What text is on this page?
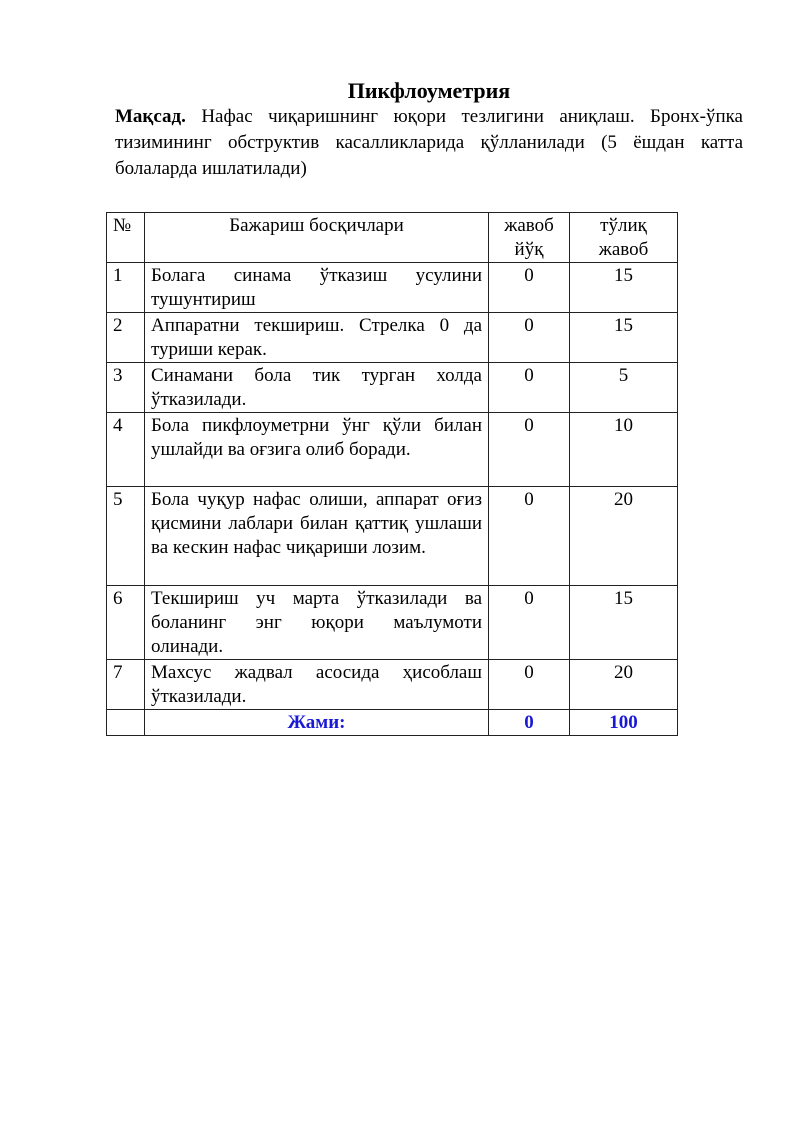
Пикфлоуметрия
Мақсад. Нафас чиқаришнинг юқори тезлигини аниқлаш. Бронх-ўпка тизимининг обструктив касалликларида қўлланилади (5 ёшдан катта болаларда ишлатилади)
№	Бажариш босқичлари	жавоб йўқ	тўлиқ жавоб
1	Болага синама ўтказиш усулини тушунтириш	0	15
2	Аппаратни текшириш. Стрелка 0 да туриши керак.	0	15
3	Синамани бола тик турган холда ўтказилади.	0	5
4	Бола пикфлоуметрни ўнг қўли билан ушлайди ва оғзига олиб боради.	0	10
5	Бола чуқур нафас олиши, аппарат оғиз қисмини лаблари билан қаттиқ ушлаши ва кескин нафас чиқариши лозим.	0	20
6	Текшириш уч марта ўтказилади ва боланинг энг юқори маълумоти олинади.	0	15
7	Махсус жадвал асосида ҳисоблаш ўтказилади.	0	20
	Жами:	0	100
